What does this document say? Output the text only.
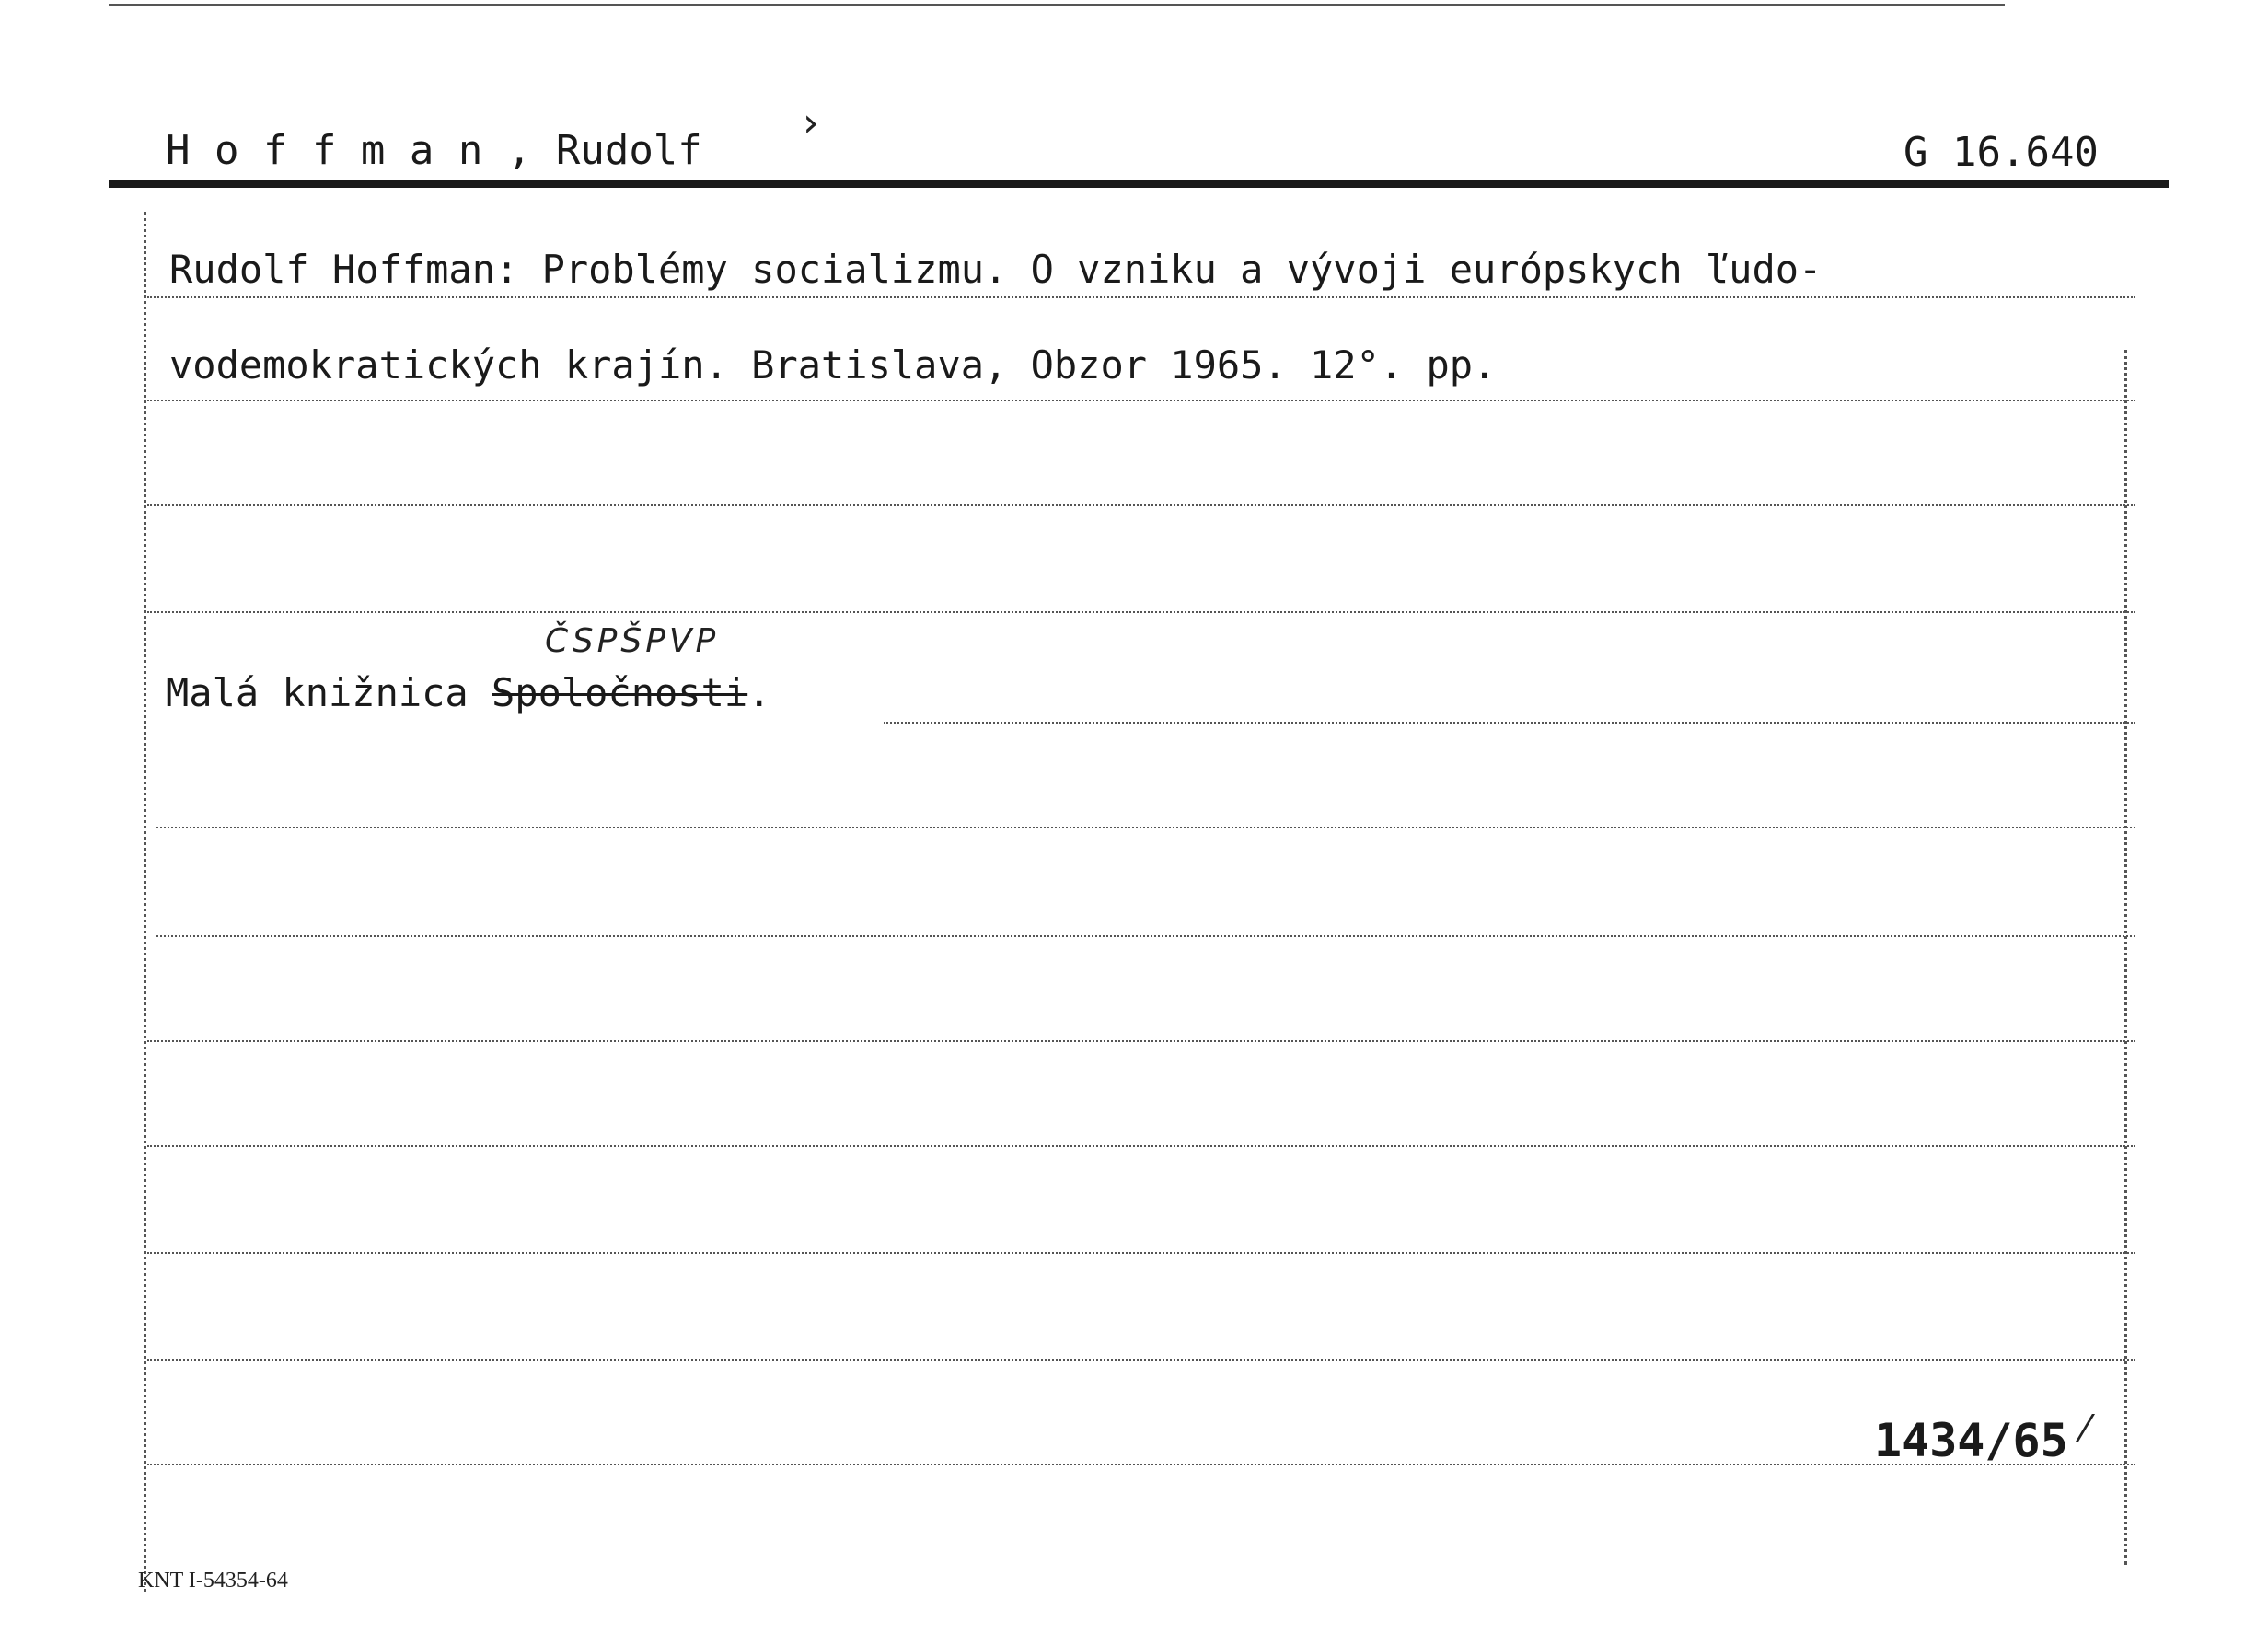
H o f f m a n , Rudolf
›
G 16.640
Rudolf Hoffman: Problémy socializmu. O vzniku a vývoji európskych ľudo-
vodemokratických krajín. Bratislava, Obzor 1965. 12°. pp.
ČSPŠPVP
Malá knižnica Spoločnosti.
1434/65 ⁄
KNT I-54354-64
